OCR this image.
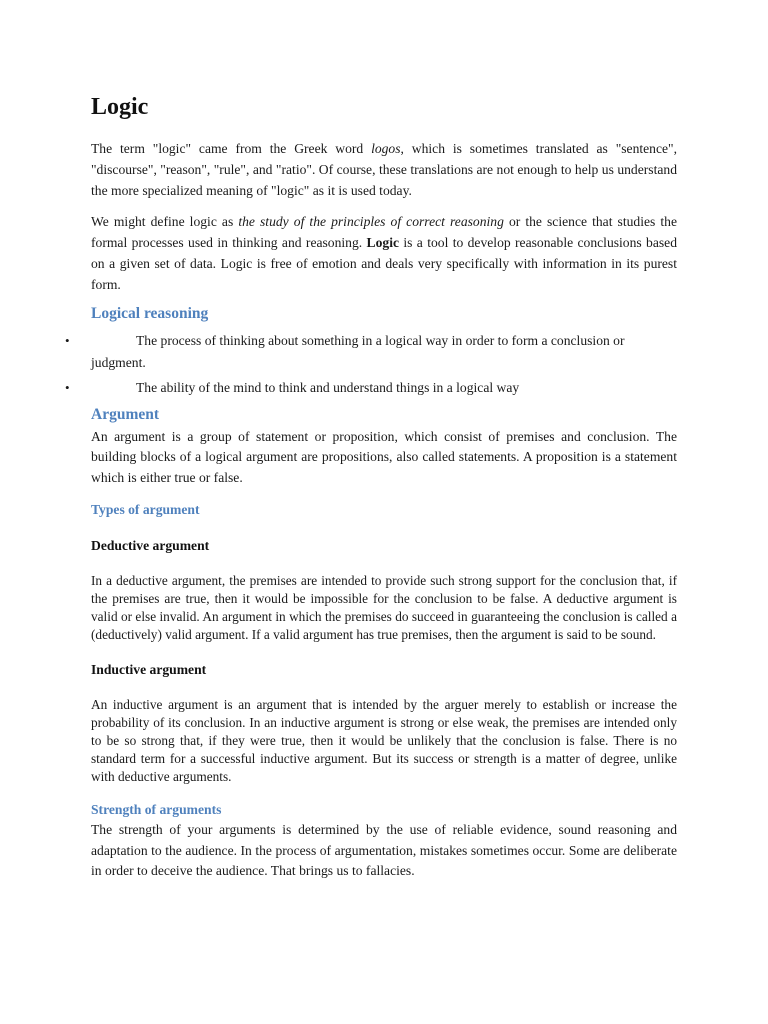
Logic

The term "logic" came from the Greek word logos, which is sometimes translated as "sentence", "discourse", "reason", "rule", and "ratio". Of course, these translations are not enough to help us understand the more specialized meaning of "logic" as it is used today.

We might define logic as the study of the principles of correct reasoning or the science that studies the formal processes used in thinking and reasoning. Logic is a tool to develop reasonable conclusions based on a given set of data. Logic is free of emotion and deals very specifically with information in its purest form.

Logical reasoning
•	The process of thinking about something in a logical way in order to form a conclusion or judgment.
•	The ability of the mind to think and understand things in a logical way
Argument

An argument is a group of statement or proposition, which consist of premises and conclusion. The building blocks of a logical argument are propositions, also called statements. A proposition is a statement which is either true or false.

Types of argument
Deductive argument

In a deductive argument, the premises are intended to provide such strong support for the conclusion that, if the premises are true, then it would be impossible for the conclusion to be false. A deductive argument is valid or else invalid. An argument in which the premises do succeed in guaranteeing the conclusion is called a (deductively) valid argument. If a valid argument has true premises, then the argument is said to be sound.

Inductive argument

An inductive argument is an argument that is intended by the arguer merely to establish or increase the probability of its conclusion. In an inductive argument is strong or else weak, the premises are intended only to be so strong that, if they were true, then it would be unlikely that the conclusion is false. There is no standard term for a successful inductive argument. But its success or strength is a matter of degree, unlike with deductive arguments.

Strength of arguments

The strength of your arguments is determined by the use of reliable evidence, sound reasoning and adaptation to the audience. In the process of argumentation, mistakes sometimes occur. Some are deliberate in order to deceive the audience. That brings us to fallacies.
